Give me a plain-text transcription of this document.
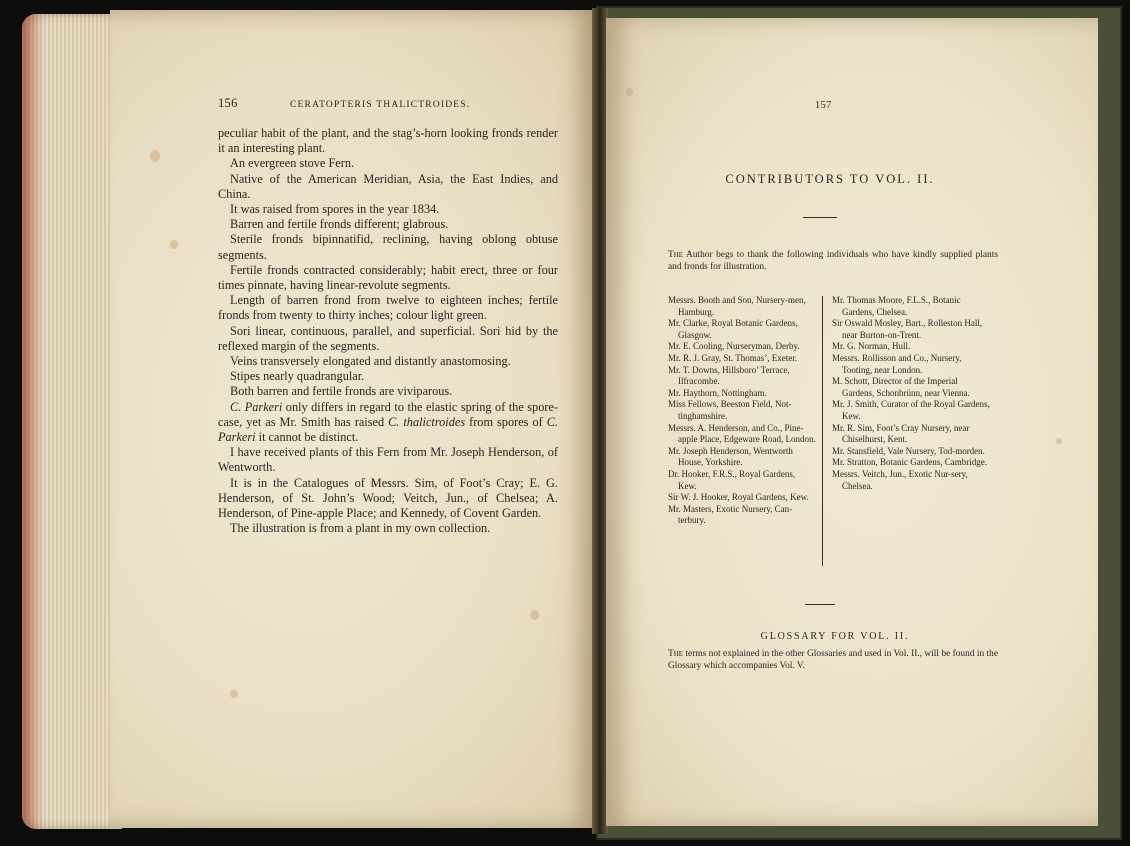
156	CERATOPTERIS THALICTROIDES.

peculiar habit of the plant, and the stag’s-horn looking fronds render it an interesting plant.

An evergreen stove Fern.

Native of the American Meridian, Asia, the East Indies, and China.

It was raised from spores in the year 1834.

Barren and fertile fronds different; glabrous.

Sterile fronds bipinnatifid, reclining, having oblong obtuse segments.

Fertile fronds contracted considerably; habit erect, three or four times pinnate, having linear-revolute segments.

Length of barren frond from twelve to eighteen inches; fertile fronds from twenty to thirty inches; colour light green.

Sori linear, continuous, parallel, and superficial. Sori hid by the reflexed margin of the segments.

Veins transversely elongated and distantly anastomosing.

Stipes nearly quadrangular.

Both barren and fertile fronds are viviparous.

C. Parkeri only differs in regard to the elastic spring of the spore-case, yet as Mr. Smith has raised C. thalictroides from spores of C. Parkeri it cannot be distinct.

I have received plants of this Fern from Mr. Joseph Henderson, of Wentworth.

It is in the Catalogues of Messrs. Sim, of Foot’s Cray; E. G. Henderson, of St. John’s Wood; Veitch, Jun., of Chelsea; A. Henderson, of Pine-apple Place; and Kennedy, of Covent Garden.

The illustration is from a plant in my own collection.

157
CONTRIBUTORS TO VOL. II.
The Author begs to thank the following individuals who have kindly supplied plants and fronds for illustration.

Messrs. Booth and Son, Nursery-men, Hamburg.

Mr. Clarke, Royal Botanic Gardens, Glasgow.

Mr. E. Cooling, Nurseryman, Derby.

Mr. R. J. Gray, St. Thomas’, Exeter.

Mr. T. Downs, Hillsboro’ Terrace, Ilfracombe.

Mr. Haythorn, Nottingham.

Miss Fellows, Beeston Field, Not-tinghamshire.

Messrs. A. Henderson, and Co., Pine-apple Place, Edgeware Road, London.

Mr. Joseph Henderson, Wentworth House, Yorkshire.

Dr. Hooker, F.R.S., Royal Gardens, Kew.

Sir W. J. Hooker, Royal Gardens, Kew.

Mr. Masters, Exotic Nursery, Can-terbury.

Mr. Thomas Moore, F.L.S., Botanic Gardens, Chelsea.

Sir Oswald Mosley, Bart., Rolleston Hall, near Burton-on-Trent.

Mr. G. Norman, Hull.

Messrs. Rollisson and Co., Nursery, Tooting, near London.

M. Schott, Director of the Imperial Gardens, Schonbrünn, near Vienna.

Mr. J. Smith, Curator of the Royal Gardens, Kew.

Mr. R. Sim, Foot’s Cray Nursery, near Chiselhurst, Kent.

Mr. Stansfield, Vale Nursery, Tod-morden.

Mr. Stratton, Botanic Gardens, Cambridge.

Messrs. Veitch, Jun., Exotic Nur-sery, Chelsea.

GLOSSARY FOR VOL. II.
The terms not explained in the other Glossaries and used in Vol. II., will be found in the Glossary which accompanies Vol. V.
